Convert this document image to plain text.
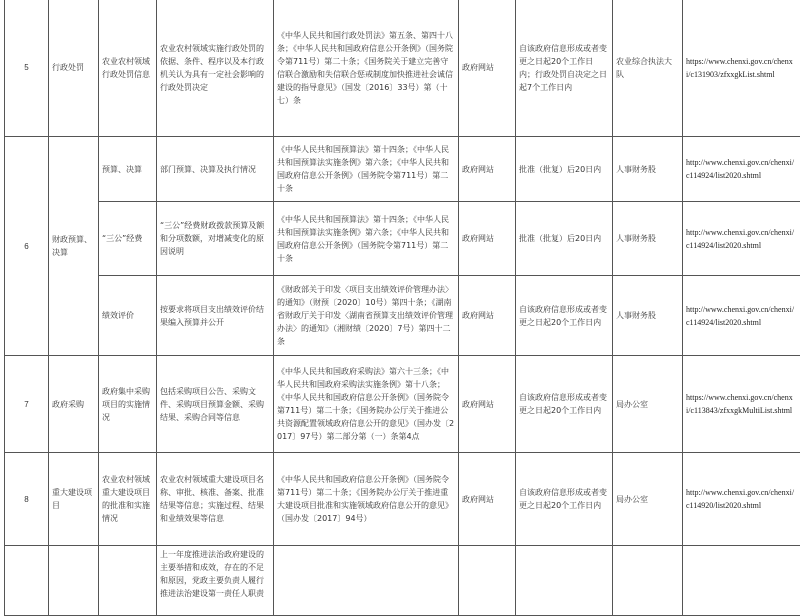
5	行政处罚	农业农村领域行政处罚信息	农业农村领域实施行政处罚的依据、条件、程序以及本行政机关认为具有一定社会影响的行政处罚决定	《中华人民共和国行政处罚法》第五条、第四十八条；《中华人民共和国政府信息公开条例》（国务院令第711号）第二十条；《国务院关于建立完善守信联合激励和失信联合惩戒制度加快推进社会诚信建设的指导意见》（国发〔2016〕33号）第（十七）条	政府网站	自该政府信息形成或者变更之日起20个工作日内；行政处罚自决定之日起7个工作日内	农业综合执法大队	https://www.chenxi.gov.cn/chenxi/c131903/zfxxgkList.shtml
6	财政预算、决算	预算、决算	部门预算、决算及执行情况	《中华人民共和国预算法》第十四条；《中华人民共和国预算法实施条例》第六条；《中华人民共和国政府信息公开条例》（国务院令第711号）第二十条	政府网站	批准（批复）后20日内	人事财务股	http://www.chenxi.gov.cn/chenxi/c114924/list2020.shtml
		“三公”经费	“三公”经费财政拨款预算及额和分项数额，对增减变化的原因说明	《中华人民共和国预算法》第十四条；《中华人民共和国预算法实施条例》第六条；《中华人民共和国政府信息公开条例》（国务院令第711号）第二十条	政府网站	批准（批复）后20日内	人事财务股	http://www.chenxi.gov.cn/chenxi/c114924/list2020.shtml
		绩效评价	按要求将项目支出绩效评价结果编入预算并公开	《财政部关于印发〈项目支出绩效评价管理办法〉的通知》（财预〔2020〕10号）第四十条；《湖南省财政厅关于印发〈湖南省预算支出绩效评价管理办法〉的通知》（湘财绩〔2020〕7号）第四十二条	政府网站	自该政府信息形成或者变更之日起20个工作日内	人事财务股	http://www.chenxi.gov.cn/chenxi/c114924/list2020.shtml
7	政府采购	政府集中采购项目的实施情况	包括采购项目公告、采购文件、采购项目预算金额、采购结果、采购合同等信息	《中华人民共和国政府采购法》第六十三条；《中华人民共和国政府采购法实施条例》第十八条；《中华人民共和国政府信息公开条例》（国务院令第711号）第二十条；《国务院办公厅关于推进公共资源配置领域政府信息公开的意见》（国办发〔2017〕97号）第二部分第（一）条第4点	政府网站	自该政府信息形成或者变更之日起20个工作日内	局办公室	https://www.chenxi.gov.cn/chenxi/c113843/zfxxgkMultiList.shtml
8	重大建设项目	农业农村领域重大建设项目的批准和实施情况	农业农村领域重大建设项目名称、审批、核准、备案、批准结果等信息；实施过程、结果和业绩效果等信息	《中华人民共和国政府信息公开条例》（国务院令第711号）第二十条；《国务院办公厅关于推进重大建设项目批准和实施领域政府信息公开的意见》（国办发〔2017〕94号）	政府网站	自该政府信息形成或者变更之日起20个工作日内	局办公室	http://www.chenxi.gov.cn/chenxi/c114920/list2020.shtml
			上一年度推进法治政府建设的主要举措和成效，存在的不足和原因，党政主要负责人履行推进法治建设第一责任人职责					
